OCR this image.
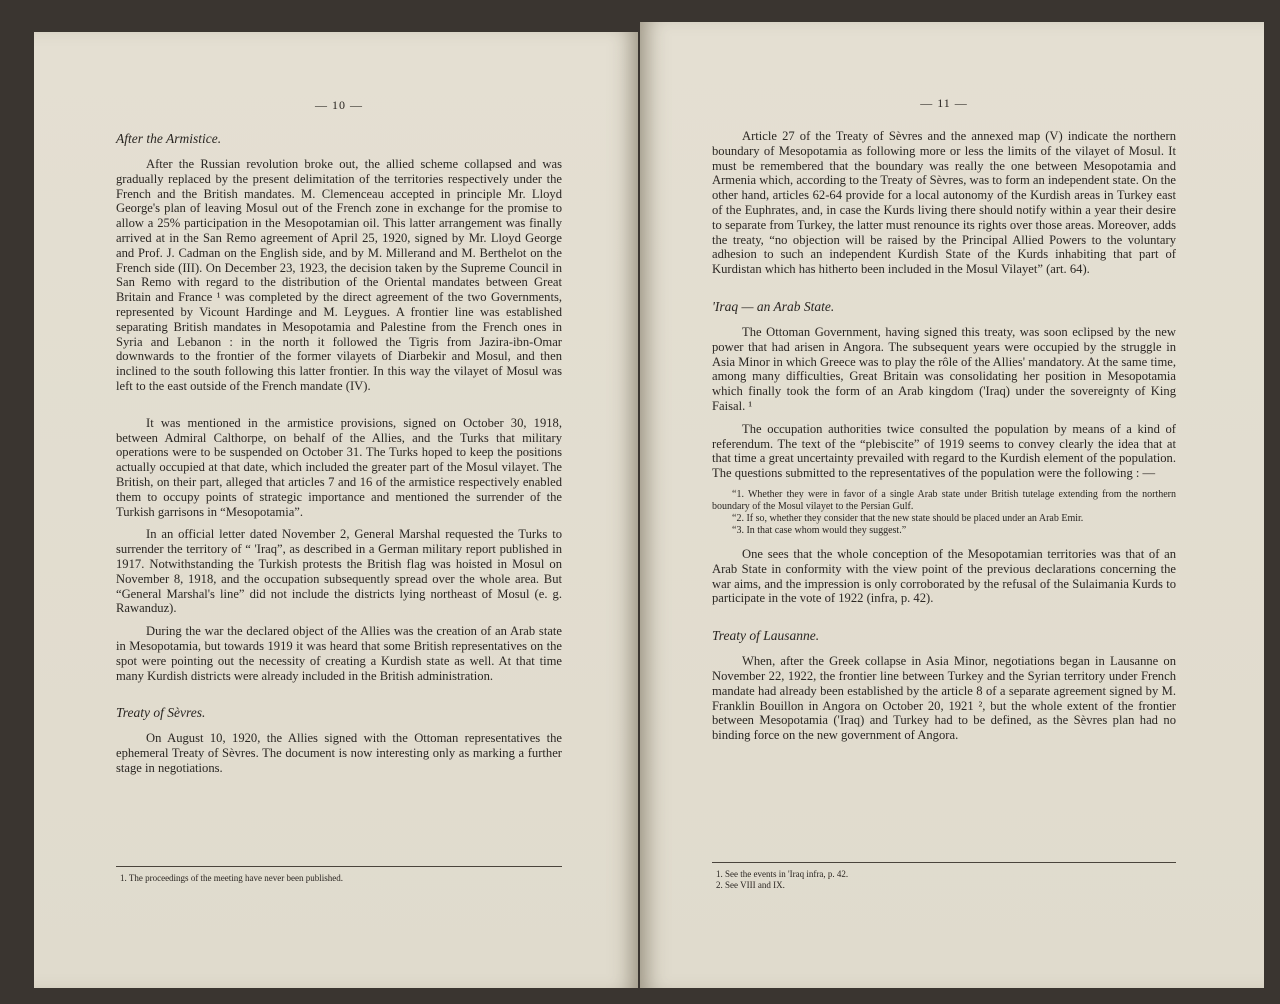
— 10 —
After the Armistice.

After the Russian revolution broke out, the allied scheme collapsed and was gradually replaced by the present delimitation of the territories respectively under the French and the British mandates. M. Clemenceau accepted in principle Mr. Lloyd George's plan of leaving Mosul out of the French zone in exchange for the promise to allow a 25% participation in the Mesopotamian oil. This latter arrangement was finally arrived at in the San Remo agreement of April 25, 1920, signed by Mr. Lloyd George and Prof. J. Cadman on the English side, and by M. Millerand and M. Berthelot on the French side (III). On December 23, 1923, the decision taken by the Supreme Council in San Remo with regard to the distribution of the Oriental mandates between Great Britain and France ¹ was completed by the direct agreement of the two Governments, represented by Vicount Hardinge and M. Leygues. A frontier line was established separating British mandates in Mesopotamia and Palestine from the French ones in Syria and Lebanon : in the north it followed the Tigris from Jazira-ibn-Omar downwards to the frontier of the former vilayets of Diarbekir and Mosul, and then inclined to the south following this latter frontier. In this way the vilayet of Mosul was left to the east outside of the French mandate (IV).

It was mentioned in the armistice provisions, signed on October 30, 1918, between Admiral Calthorpe, on behalf of the Allies, and the Turks that military operations were to be suspended on October 31. The Turks hoped to keep the positions actually occupied at that date, which included the greater part of the Mosul vilayet. The British, on their part, alleged that articles 7 and 16 of the armistice respectively enabled them to occupy points of strategic importance and mentioned the surrender of the Turkish garrisons in “Mesopotamia”.

In an official letter dated November 2, General Marshal requested the Turks to surrender the territory of “ 'Iraq”, as described in a German military report published in 1917. Notwithstanding the Turkish protests the British flag was hoisted in Mosul on November 8, 1918, and the occupation subsequently spread over the whole area. But “General Marshal's line” did not include the districts lying northeast of Mosul (e. g. Rawanduz).

During the war the declared object of the Allies was the creation of an Arab state in Mesopotamia, but towards 1919 it was heard that some British representatives on the spot were pointing out the necessity of creating a Kurdish state as well. At that time many Kurdish districts were already included in the British administration.

Treaty of Sèvres.

On August 10, 1920, the Allies signed with the Ottoman representatives the ephemeral Treaty of Sèvres. The document is now interesting only as marking a further stage in negotiations.

1. The proceedings of the meeting have never been published.
— 11 —

Article 27 of the Treaty of Sèvres and the annexed map (V) indicate the northern boundary of Mesopotamia as following more or less the limits of the vilayet of Mosul. It must be remembered that the boundary was really the one between Mesopotamia and Armenia which, according to the Treaty of Sèvres, was to form an independent state. On the other hand, articles 62-64 provide for a local autonomy of the Kurdish areas in Turkey east of the Euphrates, and, in case the Kurds living there should notify within a year their desire to separate from Turkey, the latter must renounce its rights over those areas. Moreover, adds the treaty, “no objection will be raised by the Principal Allied Powers to the voluntary adhesion to such an independent Kurdish State of the Kurds inhabiting that part of Kurdistan which has hitherto been included in the Mosul Vilayet” (art. 64).

'Iraq — an Arab State.

The Ottoman Government, having signed this treaty, was soon eclipsed by the new power that had arisen in Angora. The subsequent years were occupied by the struggle in Asia Minor in which Greece was to play the rôle of the Allies' mandatory. At the same time, among many difficulties, Great Britain was consolidating her position in Mesopotamia which finally took the form of an Arab kingdom ('Iraq) under the sovereignty of King Faisal. ¹

The occupation authorities twice consulted the population by means of a kind of referendum. The text of the “plebiscite” of 1919 seems to convey clearly the idea that at that time a great uncertainty prevailed with regard to the Kurdish element of the population. The questions submitted to the representatives of the population were the following : —

“1. Whether they were in favor of a single Arab state under British tutelage extending from the northern boundary of the Mosul vilayet to the Persian Gulf.
“2. If so, whether they consider that the new state should be placed under an Arab Emir.
“3. In that case whom would they suggest.”

One sees that the whole conception of the Mesopotamian territories was that of an Arab State in conformity with the view point of the previous declarations concerning the war aims, and the impression is only corroborated by the refusal of the Sulaimania Kurds to participate in the vote of 1922 (infra, p. 42).

Treaty of Lausanne.

When, after the Greek collapse in Asia Minor, negotiations began in Lausanne on November 22, 1922, the frontier line between Turkey and the Syrian territory under French mandate had already been established by the article 8 of a separate agreement signed by M. Franklin Bouillon in Angora on October 20, 1921 ², but the whole extent of the frontier between Mesopotamia ('Iraq) and Turkey had to be defined, as the Sèvres plan had no binding force on the new government of Angora.

1. See the events in 'Iraq infra, p. 42.
2. See VIII and IX.
